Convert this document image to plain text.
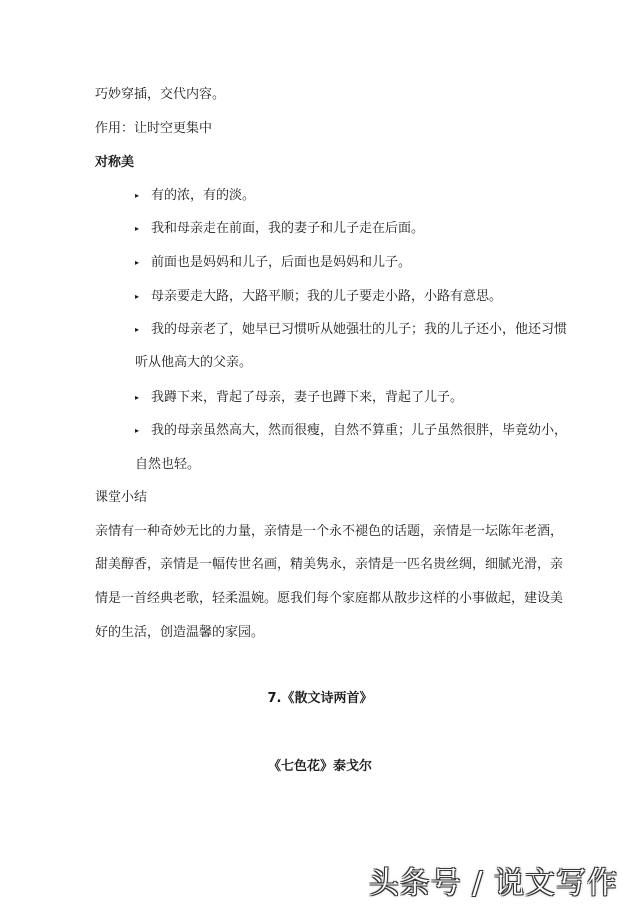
巧妙穿插，交代内容。
作用：让时空更集中
对称美
▸ 有的浓，有的淡。
▸ 我和母亲走在前面，我的妻子和儿子走在后面。
▸ 前面也是妈妈和儿子，后面也是妈妈和儿子。
▸ 母亲要走大路，大路平顺；我的儿子要走小路，小路有意思。
▸ 我的母亲老了，她早已习惯听从她强壮的儿子；我的儿子还小，他还习惯
听从他高大的父亲。
▸ 我蹲下来，背起了母亲，妻子也蹲下来，背起了儿子。
▸ 我的母亲虽然高大，然而很瘦，自然不算重；儿子虽然很胖，毕竟幼小，
自然也轻。
课堂小结
亲情有一种奇妙无比的力量，亲情是一个永不褪色的话题，亲情是一坛陈年老酒，
甜美醇香，亲情是一幅传世名画，精美隽永，亲情是一匹名贵丝绸，细腻光滑，亲
情是一首经典老歌，轻柔温婉。愿我们每个家庭都从散步这样的小事做起，建设美
好的生活，创造温馨的家园。
7.《散文诗两首》
《七色花》泰戈尔
头条号 / 说文写作
